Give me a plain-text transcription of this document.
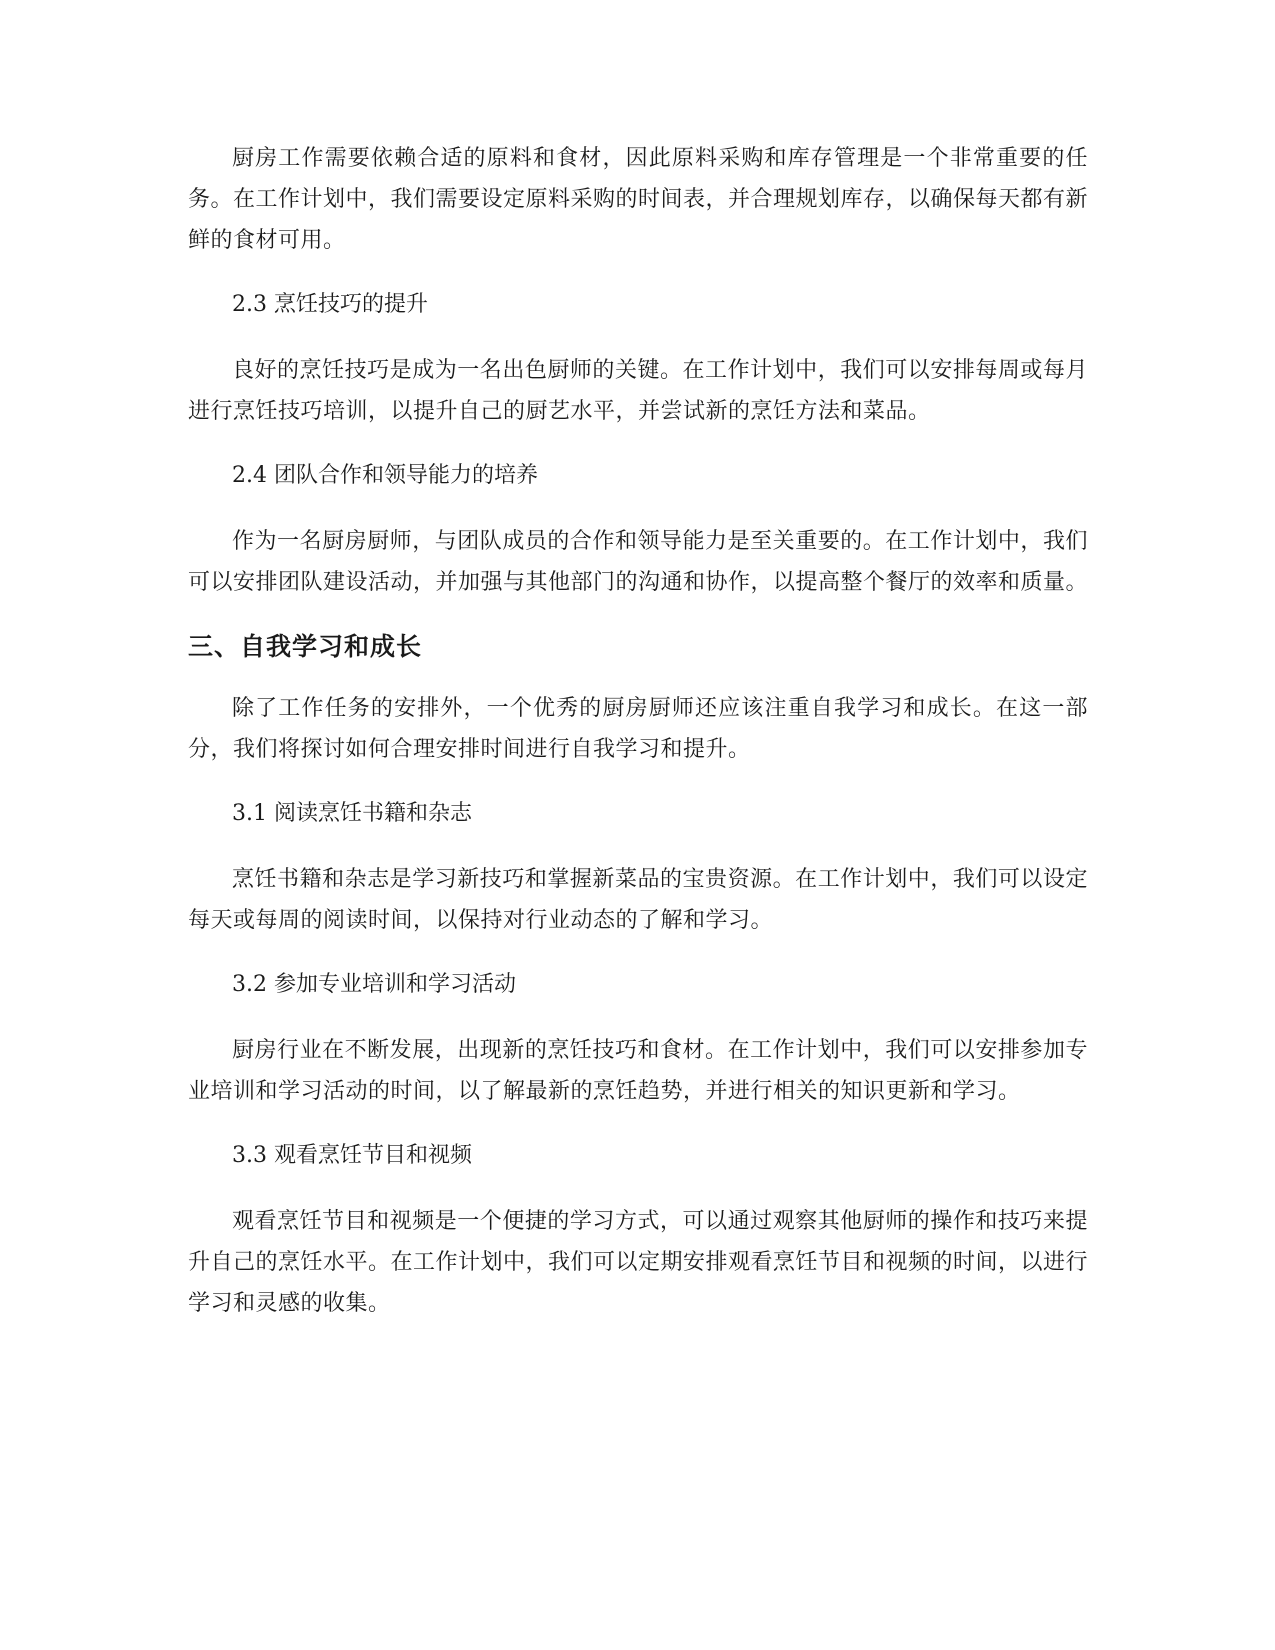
厨房工作需要依赖合适的原料和食材，因此原料采购和库存管理是一个非常重要的任务。在工作计划中，我们需要设定原料采购的时间表，并合理规划库存，以确保每天都有新鲜的食材可用。

2.3 烹饪技巧的提升

良好的烹饪技巧是成为一名出色厨师的关键。在工作计划中，我们可以安排每周或每月进行烹饪技巧培训，以提升自己的厨艺水平，并尝试新的烹饪方法和菜品。

2.4 团队合作和领导能力的培养

作为一名厨房厨师，与团队成员的合作和领导能力是至关重要的。在工作计划中，我们可以安排团队建设活动，并加强与其他部门的沟通和协作，以提高整个餐厅的效率和质量。

三、自我学习和成长

除了工作任务的安排外，一个优秀的厨房厨师还应该注重自我学习和成长。在这一部分，我们将探讨如何合理安排时间进行自我学习和提升。

3.1 阅读烹饪书籍和杂志

烹饪书籍和杂志是学习新技巧和掌握新菜品的宝贵资源。在工作计划中，我们可以设定每天或每周的阅读时间，以保持对行业动态的了解和学习。

3.2 参加专业培训和学习活动

厨房行业在不断发展，出现新的烹饪技巧和食材。在工作计划中，我们可以安排参加专业培训和学习活动的时间，以了解最新的烹饪趋势，并进行相关的知识更新和学习。

3.3 观看烹饪节目和视频

观看烹饪节目和视频是一个便捷的学习方式，可以通过观察其他厨师的操作和技巧来提升自己的烹饪水平。在工作计划中，我们可以定期安排观看烹饪节目和视频的时间，以进行学习和灵感的收集。
